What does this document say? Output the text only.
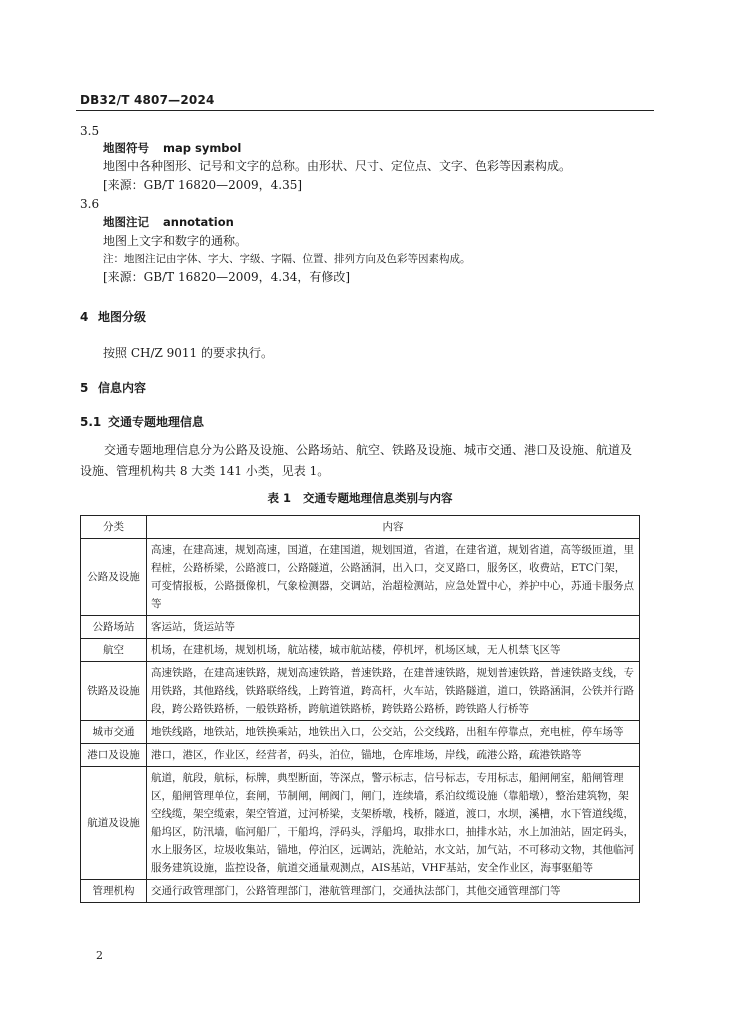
DB32/T 4807—2024
3.5
地图符号 map symbol
地图中各种图形、记号和文字的总称。由形状、尺寸、定位点、文字、色彩等因素构成。
[来源：GB/T 16820—2009，4.35]
3.6
地图注记 annotation
地图上文字和数字的通称。
注：地图注记由字体、字大、字级、字隔、位置、排列方向及色彩等因素构成。
[来源：GB/T 16820—2009，4.34，有修改]
4 地图分级
按照 CH/Z 9011 的要求执行。
5 信息内容
5.1 交通专题地理信息
交通专题地理信息分为公路及设施、公路场站、航空、铁路及设施、城市交通、港口及设施、航道及设施、管理机构共 8 大类 141 小类，见表 1。
表 1 交通专题地理信息类别与内容
分类	内容
公路及设施	高速，在建高速，规划高速，国道，在建国道，规划国道，省道，在建省道，规划省道，高等级匝道，里程桩，公路桥梁，公路渡口，公路隧道，公路涵洞，出入口，交叉路口，服务区，收费站，ETC门架，可变情报板，公路摄像机，气象检测器，交调站，治超检测站，应急处置中心，养护中心，苏通卡服务点等
公路场站	客运站，货运站等
航空	机场，在建机场，规划机场，航站楼，城市航站楼，停机坪，机场区域，无人机禁飞区等
铁路及设施	高速铁路，在建高速铁路，规划高速铁路，普速铁路，在建普速铁路，规划普速铁路，普速铁路支线，专用铁路，其他路线，铁路联络线，上跨管道，跨高杆，火车站，铁路隧道，道口，铁路涵洞，公铁并行路段，跨公路铁路桥，一般铁路桥，跨航道铁路桥，跨铁路公路桥，跨铁路人行桥等
城市交通	地铁线路，地铁站，地铁换乘站，地铁出入口，公交站，公交线路，出租车停靠点，充电桩，停车场等
港口及设施	港口，港区，作业区，经营者，码头，泊位，锚地，仓库堆场，岸线，疏港公路，疏港铁路等
航道及设施	航道，航段，航标，标牌，典型断面，等深点，警示标志，信号标志，专用标志，船闸闸室，船闸管理区，船闸管理单位，套闸，节制闸，闸阀门，闸门，连续墙，系泊纹缆设施（靠船墩），整治建筑物，架空线缆，架空缆索，架空管道，过河桥梁，支架桥墩，栈桥，隧道，渡口，水坝，溪槽，水下管道线缆，船坞区，防汛墙，临河船厂，干船坞，浮码头，浮船坞，取排水口，抽排水站，水上加油站，固定码头，水上服务区，垃圾收集站，锚地，停泊区，远调站，洗舱站，水文站，加气站，不可移动文物，其他临河服务建筑设施，监控设备，航道交通量观测点，AIS基站，VHF基站，安全作业区，海事驱船等
管理机构	交通行政管理部门，公路管理部门，港航管理部门，交通执法部门，其他交通管理部门等
2
